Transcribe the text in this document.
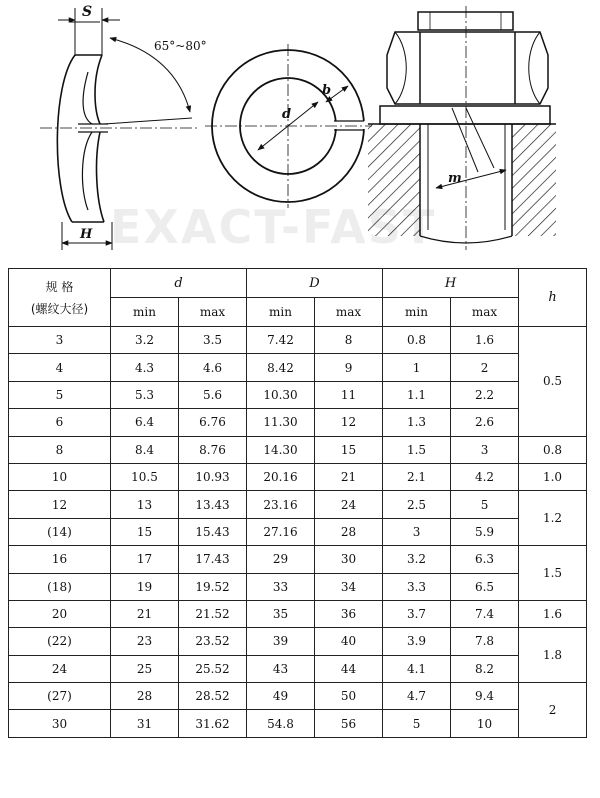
S
65°~80°
H
d
b
m
EXACT-FAST
规 格
(螺纹大径)	d		D		H		h
	min	max	min	max	min	max	
3	3.2	3.5	7.42	8	0.8	1.6	0.5
4	4.3	4.6	8.42	9	1	2	
5	5.3	5.6	10.30	11	1.1	2.2	
6	6.4	6.76	11.30	12	1.3	2.6	
8	8.4	8.76	14.30	15	1.5	3	0.8
10	10.5	10.93	20.16	21	2.1	4.2	1.0
12	13	13.43	23.16	24	2.5	5	1.2
(14)	15	15.43	27.16	28	3	5.9	
16	17	17.43	29	30	3.2	6.3	1.5
(18)	19	19.52	33	34	3.3	6.5	
20	21	21.52	35	36	3.7	7.4	1.6
(22)	23	23.52	39	40	3.9	7.8	1.8
24	25	25.52	43	44	4.1	8.2	
(27)	28	28.52	49	50	4.7	9.4	2
30	31	31.62	54.8	56	5	10	
